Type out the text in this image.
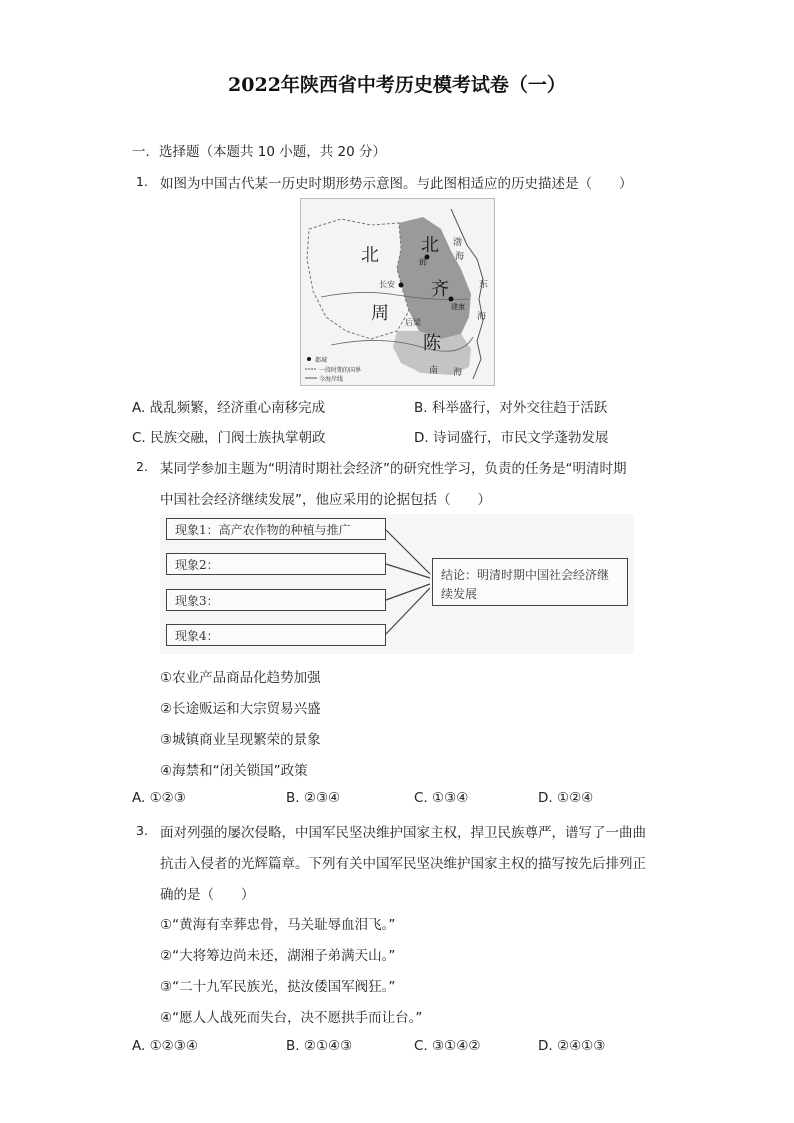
2022年陕西省中考历史模考试卷（一）
一．选择题（本题共 10 小题，共 20 分）
1. 如图为中国古代某一历史时期形势示意图。与此图相适应的历史描述是（　　）
北
周
北
齐
陈
长安
后梁
邺
渤
海
东
海
建康
南 海
都城
一段时期的国界
今海岸线
A. 战乱频繁，经济重心南移完成	B. 科举盛行，对外交往趋于活跃
C. 民族交融，门阀士族执掌朝政	D. 诗词盛行，市民文学蓬勃发展
2. 某同学参加主题为“明清时期社会经济”的研究性学习，负责的任务是“明清时期
中国社会经济继续发展”，他应采用的论据包括（　　）
现象1：高产农作物的种植与推广
现象2：
现象3：
现象4：
结论：明清时期中国社会经济继续发展
①农业产品商品化趋势加强
②长途贩运和大宗贸易兴盛
③城镇商业呈现繁荣的景象
④海禁和“闭关锁国”政策
A. ①②③	B. ②③④	C. ①③④	D. ①②④
3. 面对列强的屡次侵略，中国军民坚决维护国家主权，捍卫民族尊严，谱写了一曲曲
抗击入侵者的光辉篇章。下列有关中国军民坚决维护国家主权的描写按先后排列正
确的是（　　）
①“黄海有幸葬忠骨，马关耻辱血泪飞。”
②“大将筹边尚未还，湖湘子弟满天山。”
③“二十九军民族光，挞汝倭国军阀狂。”
④“愿人人战死而失台，决不愿拱手而让台。”
A. ①②③④	B. ②①④③	C. ③①④②	D. ②④①③
